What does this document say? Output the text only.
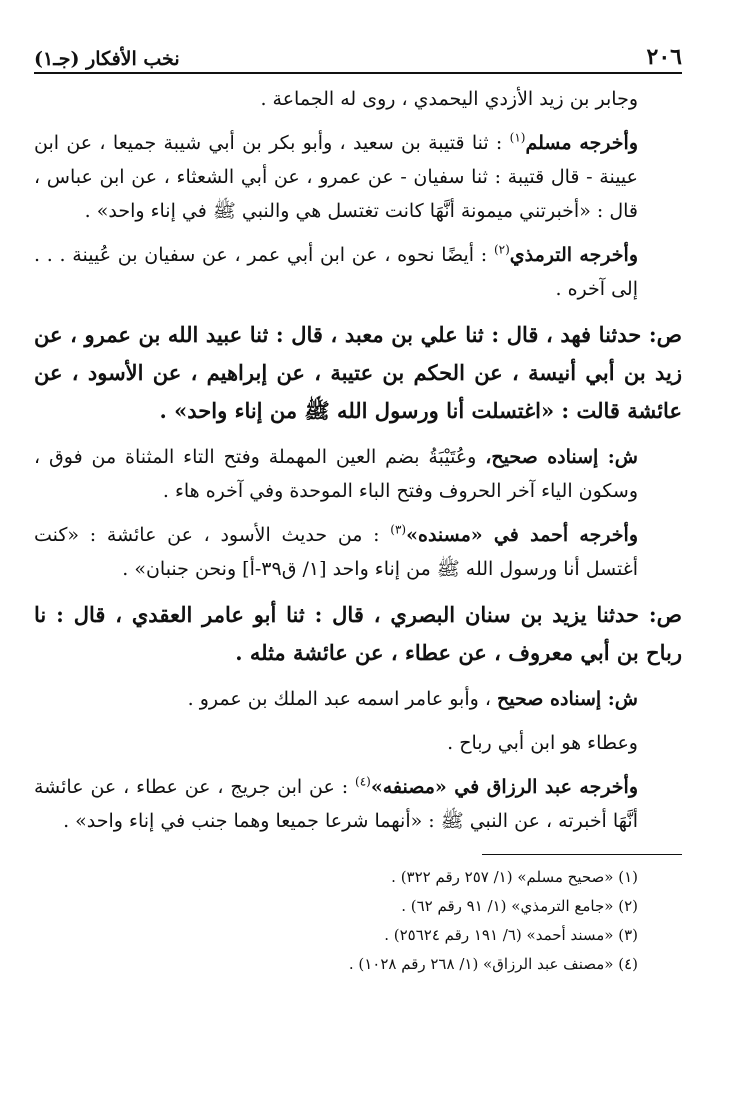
٢٠٦
نخب الأفكار (جـ١)

وجابر بن زيد الأزدي اليحمدي ، روى له الجماعة .

وأخرجه مسلم$^{(١)}$ : ثنا قتيبة بن سعيد ، وأبو بكر بن أبي شيبة جميعا ، عن ابن عيينة - قال قتيبة : ثنا سفيان - عن عمرو ، عن أبي الشعثاء ، عن ابن عباس ، قال : «أخبرتني ميمونة أنَّهَا كانت تغتسل هي والنبي ﷺ في إناء واحد» .

وأخرجه الترمذي$^{(٢)}$ : أيضًا نحوه ، عن ابن أبي عمر ، عن سفيان بن عُيينة . . . إلى آخره .

ص: حدثنا فهد ، قال : ثنا علي بن معبد ، قال : ثنا عبيد الله بن عمرو ، عن زيد بن أبي أنيسة ، عن الحكم بن عتيبة ، عن إبراهيم ، عن الأسود ، عن عائشة قالت : «اغتسلت أنا ورسول الله ﷺ من إناء واحد» .

ش: إسناده صحيح، وعُتَيْبَةُ بضم العين المهملة وفتح التاء المثناة من فوق ، وسكون الياء آخر الحروف وفتح الباء الموحدة وفي آخره هاء .

وأخرجه أحمد في «مسنده»$^{(٣)}$ : من حديث الأسود ، عن عائشة : «كنت أغتسل أنا ورسول الله ﷺ من إناء واحد [١/ ق٣٩-أ] ونحن جنبان» .

ص: حدثنا يزيد بن سنان البصري ، قال : ثنا أبو عامر العقدي ، قال : نا رباح بن أبي معروف ، عن عطاء ، عن عائشة مثله .

ش: إسناده صحيح ، وأبو عامر اسمه عبد الملك بن عمرو .

وعطاء هو ابن أبي رباح .

وأخرجه عبد الرزاق في «مصنفه»$^{(٤)}$ : عن ابن جريج ، عن عطاء ، عن عائشة أنَّهَا أخبرته ، عن النبي ﷺ : «أنهما شرعا جميعا وهما جنب في إناء واحد» .

(١) «صحيح مسلم» (١/ ٢٥٧ رقم ٣٢٢) .

(٢) «جامع الترمذي» (١/ ٩١ رقم ٦٢) .

(٣) «مسند أحمد» (٦/ ١٩١ رقم ٢٥٦٢٤) .

(٤) «مصنف عبد الرزاق» (١/ ٢٦٨ رقم ١٠٢٨) .
